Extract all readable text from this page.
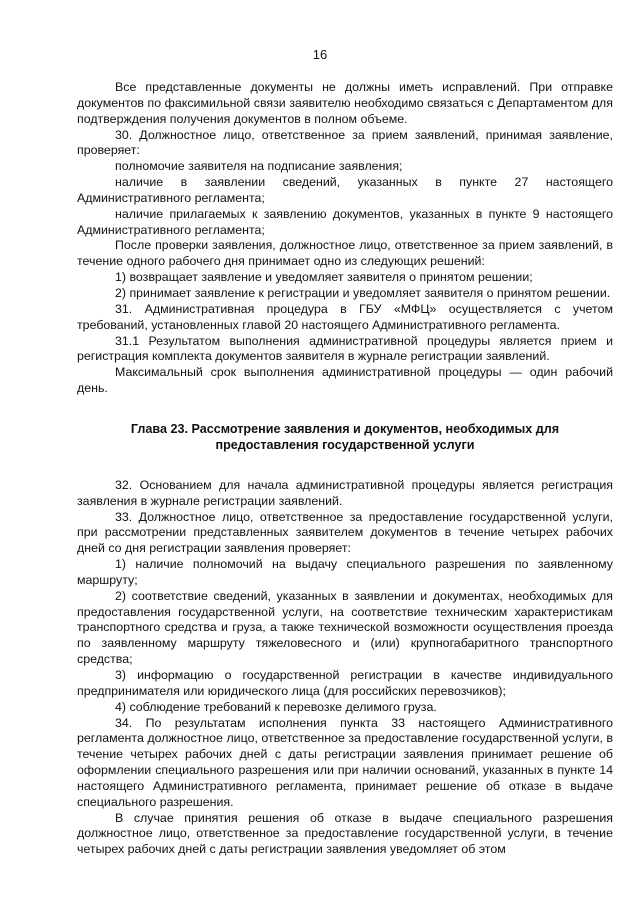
16

Все представленные документы не должны иметь исправлений. При отправке документов по факсимильной связи заявителю необходимо связаться с Департаментом для подтверждения получения документов в полном объеме.

30. Должностное лицо, ответственное за прием заявлений, принимая заявление, проверяет:

полномочие заявителя на подписание заявления;

наличие в заявлении сведений, указанных в пункте 27 настоящего Административного регламента;

наличие прилагаемых к заявлению документов, указанных в пункте 9 настоящего Административного регламента;

После проверки заявления, должностное лицо, ответственное за прием заявлений, в течение одного рабочего дня принимает одно из следующих решений:

1) возвращает заявление и уведомляет заявителя о принятом решении;

2) принимает заявление к регистрации и уведомляет заявителя о принятом решении.

31. Административная процедура в ГБУ «МФЦ» осуществляется с учетом требований, установленных главой 20 настоящего Административного регламента.

31.1 Результатом выполнения административной процедуры является прием и регистрация комплекта документов заявителя в журнале регистрации заявлений.

Максимальный срок выполнения административной процедуры — один рабочий день.

Глава 23. Рассмотрение заявления и документов, необходимых для предоставления государственной услуги

32. Основанием для начала административной процедуры является регистрация заявления в журнале регистрации заявлений.

33. Должностное лицо, ответственное за предоставление государственной услуги, при рассмотрении представленных заявителем документов в течение четырех рабочих дней со дня регистрации заявления проверяет:

1) наличие полномочий на выдачу специального разрешения по заявленному маршруту;

2) соответствие сведений, указанных в заявлении и документах, необходимых для предоставления государственной услуги, на соответствие техническим характеристикам транспортного средства и груза, а также технической возможности осуществления проезда по заявленному маршруту тяжеловесного и (или) крупногабаритного транспортного средства;

3) информацию о государственной регистрации в качестве индивидуального предпринимателя или юридического лица (для российских перевозчиков);

4) соблюдение требований к перевозке делимого груза.

34. По результатам исполнения пункта 33 настоящего Административного регламента должностное лицо, ответственное за предоставление государственной услуги, в течение четырех рабочих дней с даты регистрации заявления принимает решение об оформлении специального разрешения или при наличии оснований, указанных в пункте 14 настоящего Административного регламента, принимает решение об отказе в выдаче специального разрешения.

В случае принятия решения об отказе в выдаче специального разрешения должностное лицо, ответственное за предоставление государственной услуги, в течение четырех рабочих дней с даты регистрации заявления уведомляет об этом
